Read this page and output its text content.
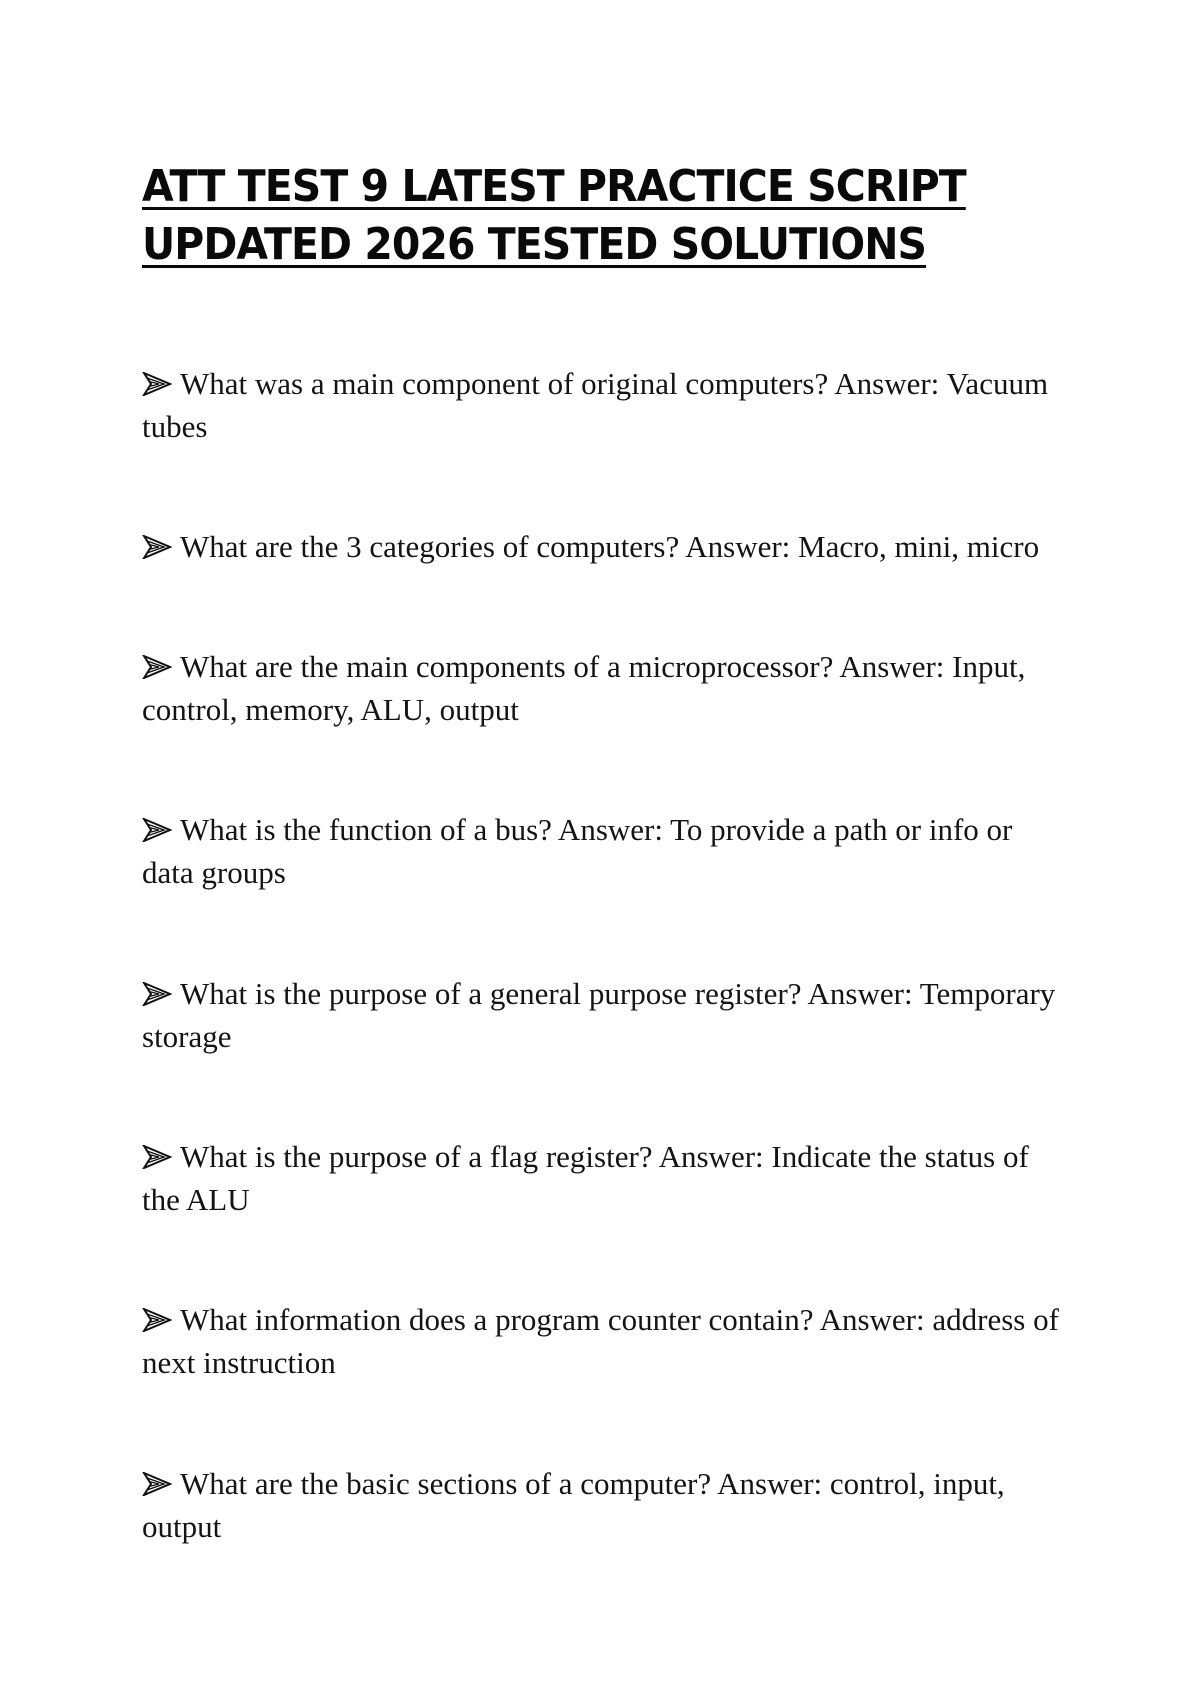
ATT TEST 9 LATEST PRACTICE SCRIPT
UPDATED 2026 TESTED SOLUTIONS
What was a main component of original computers? Answer: Vacuum tubes
What are the 3 categories of computers? Answer: Macro, mini, micro
What are the main components of a microprocessor? Answer: Input, control, memory, ALU, output
What is the function of a bus? Answer: To provide a path or info or data groups
What is the purpose of a general purpose register? Answer: Temporary storage
What is the purpose of a flag register? Answer: Indicate the status of the ALU
What information does a program counter contain? Answer: address of next instruction
What are the basic sections of a computer? Answer: control, input, output
